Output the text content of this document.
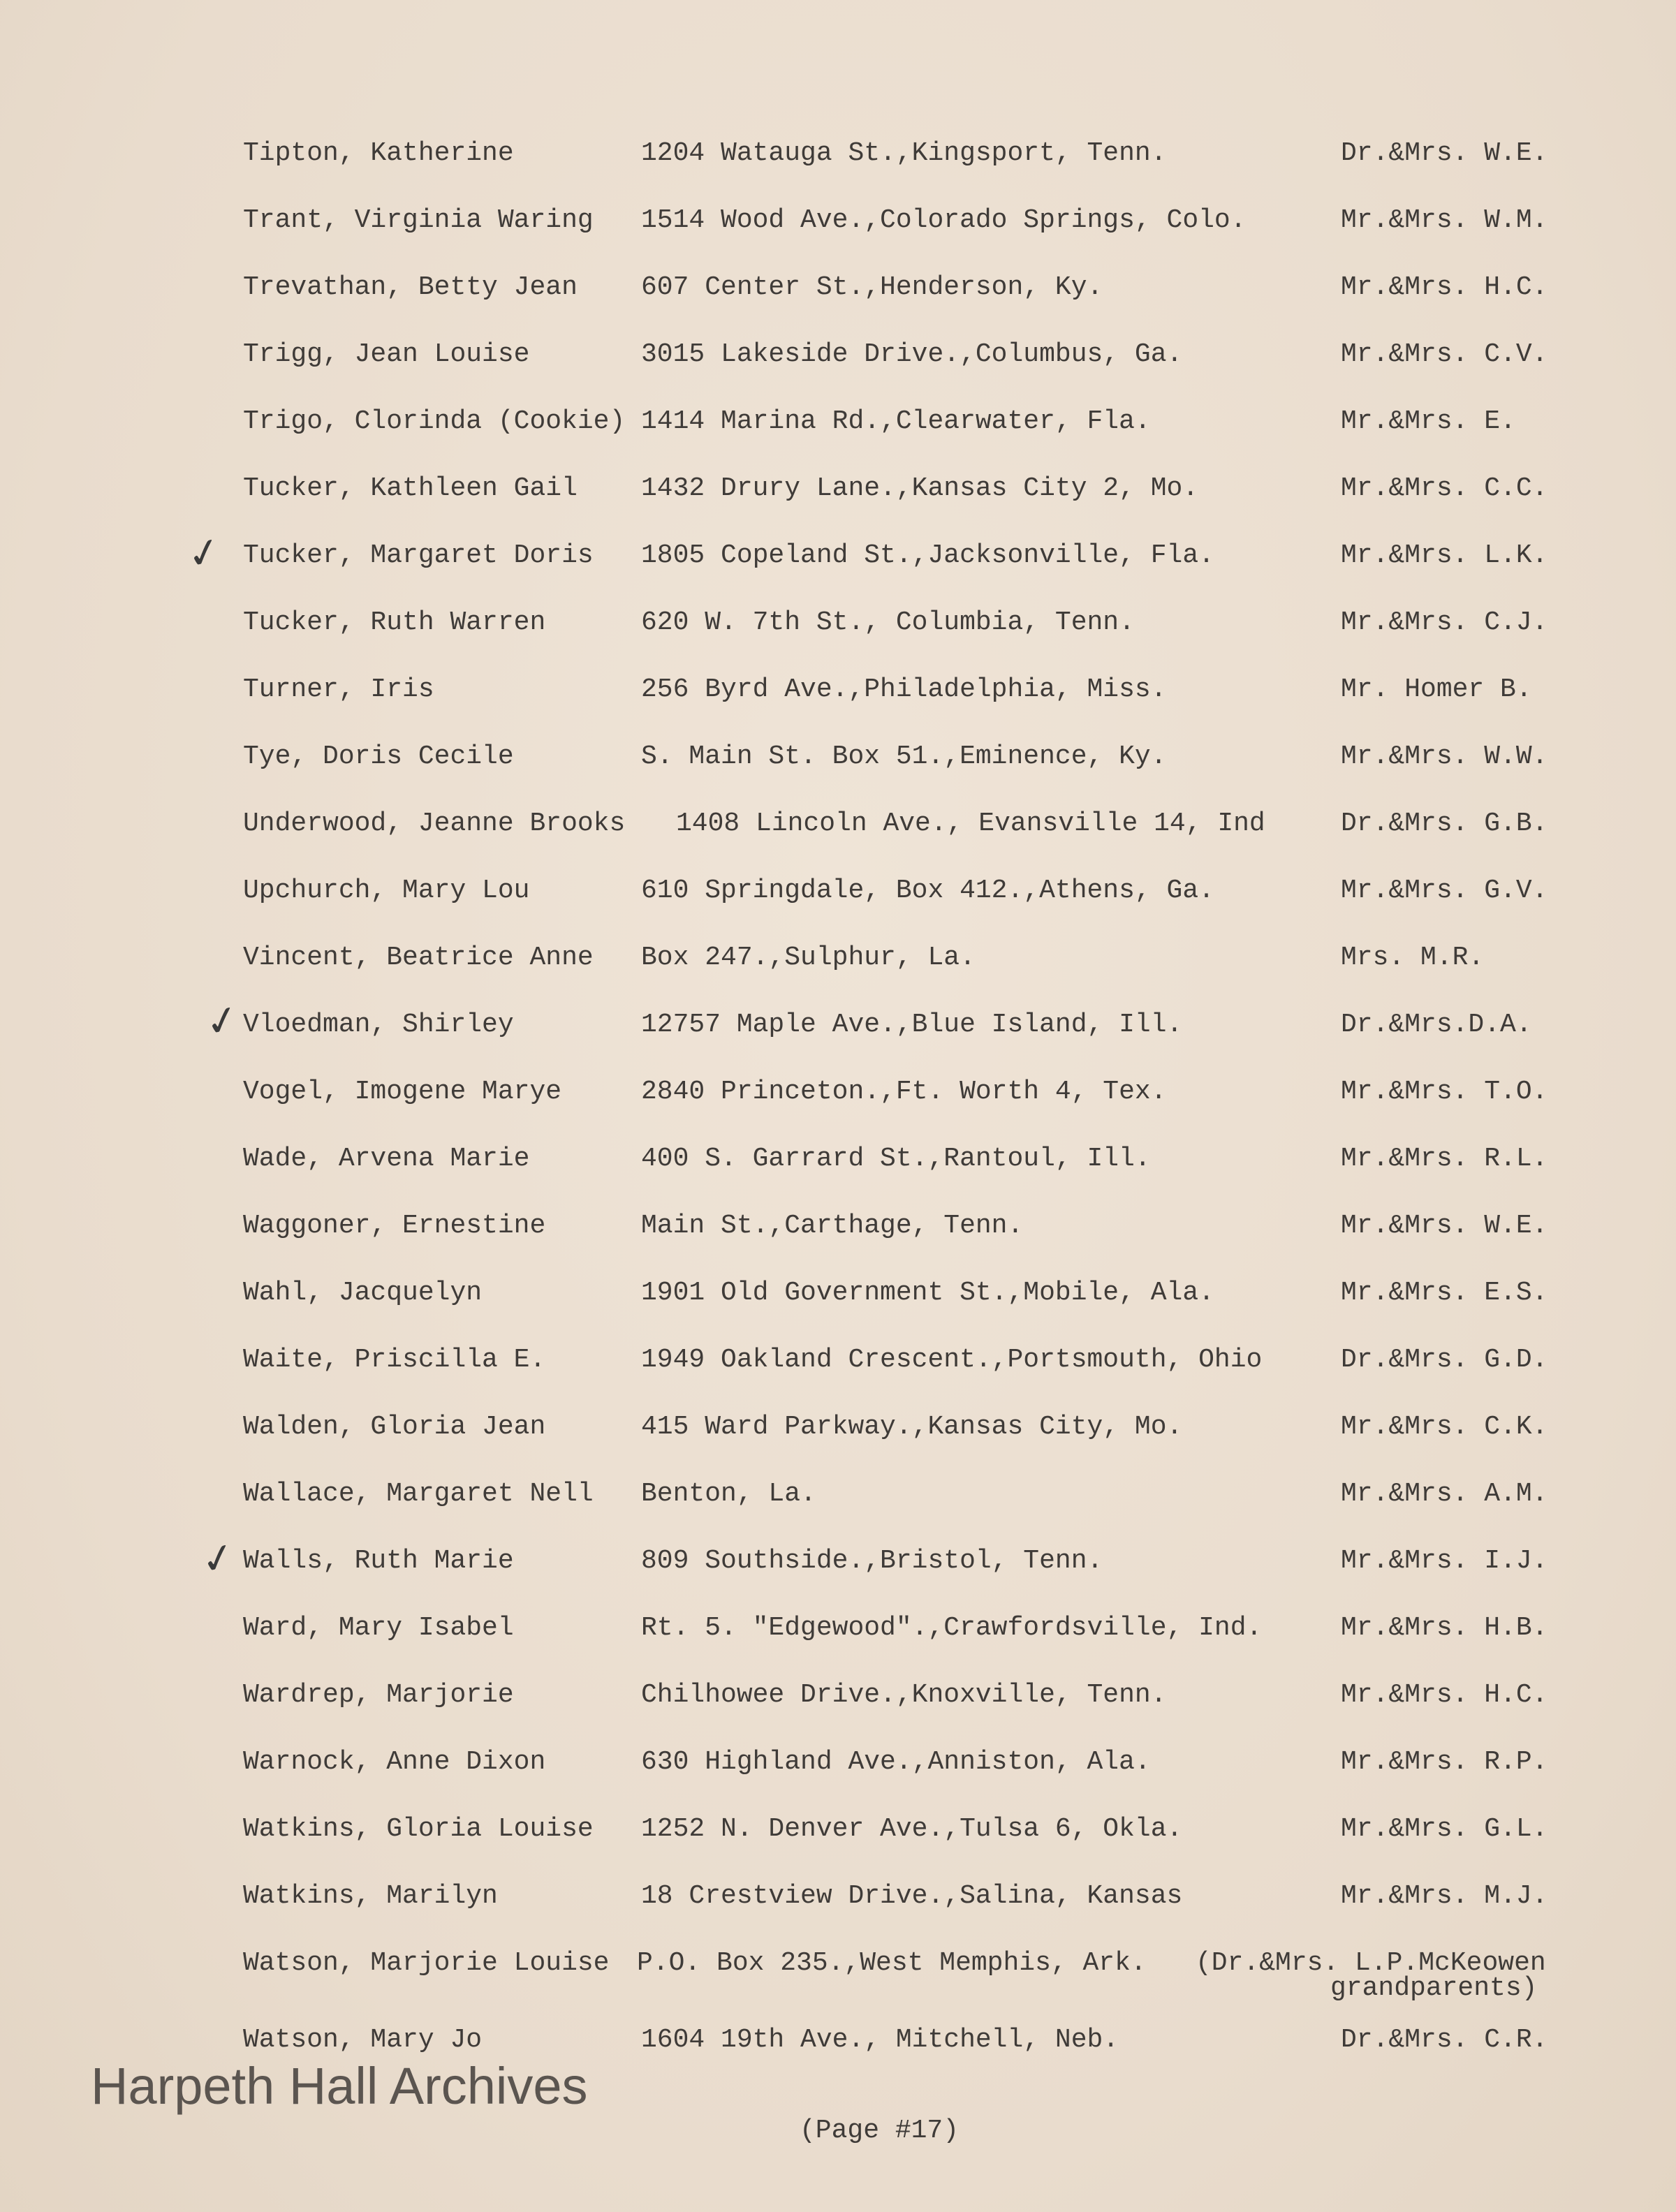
Tipton, Katherine	1204 Watauga St.,Kingsport, Tenn.	Dr.&Mrs. W.E.
Trant, Virginia Waring 1514 Wood Ave.,Colorado Springs, Colo.	Mr.&Mrs. W.M.
Trevathan, Betty Jean 607 Center St.,Henderson, Ky.	Mr.&Mrs. H.C.
Trigg, Jean Louise	3015 Lakeside Drive.,Columbus, Ga.	Mr.&Mrs. C.V.
Trigo, Clorinda (Cookie) 1414 Marina Rd.,Clearwater, Fla.	Mr.&Mrs. E.
Tucker, Kathleen Gail 1432 Drury Lane.,Kansas City 2, Mo.	Mr.&Mrs. C.C.
Tucker, Margaret Doris 1805 Copeland St.,Jacksonville, Fla.	Mr.&Mrs. L.K.
Tucker, Ruth Warren	620 W. 7th St., Columbia, Tenn.	Mr.&Mrs. C.J.
Turner, Iris	256 Byrd Ave.,Philadelphia, Miss.	Mr. Homer B.
Tye, Doris Cecile	S. Main St. Box 51.,Eminence, Ky.	Mr.&Mrs. W.W.
Underwood, Jeanne Brooks 1408 Lincoln Ave., Evansville 14, Ind	Dr.&Mrs. G.B.
Upchurch, Mary Lou	610 Springdale, Box 412.,Athens, Ga.	Mr.&Mrs. G.V.
Vincent, Beatrice Anne Box 247.,Sulphur, La.	Mrs. M.R.
Vloedman, Shirley	12757 Maple Ave.,Blue Island, Ill.	Dr.&Mrs.D.A.
Vogel, Imogene Marye	2840 Princeton.,Ft. Worth 4, Tex.	Mr.&Mrs. T.O.
Wade, Arvena Marie	400 S. Garrard St.,Rantoul, Ill.	Mr.&Mrs. R.L.
Waggoner, Ernestine	Main St.,Carthage, Tenn.	Mr.&Mrs. W.E.
Wahl, Jacquelyn	1901 Old Government St.,Mobile, Ala.	Mr.&Mrs. E.S.
Waite, Priscilla E.	1949 Oakland Crescent.,Portsmouth, Ohio	Dr.&Mrs. G.D.
Walden, Gloria Jean	415 Ward Parkway.,Kansas City, Mo.	Mr.&Mrs. C.K.
Wallace, Margaret Nell Benton, La.	Mr.&Mrs. A.M.
Walls, Ruth Marie	809 Southside.,Bristol, Tenn.	Mr.&Mrs. I.J.
Ward, Mary Isabel	Rt. 5. "Edgewood".,Crawfordsville, Ind.	Mr.&Mrs. H.B.
Wardrep, Marjorie	Chilhowee Drive.,Knoxville, Tenn.	Mr.&Mrs. H.C.
Warnock, Anne Dixon	630 Highland Ave.,Anniston, Ala.	Mr.&Mrs. R.P.
Watkins, Gloria Louise 1252 N. Denver Ave.,Tulsa 6, Okla.	Mr.&Mrs. G.L.
Watkins, Marilyn	18 Crestview Drive.,Salina, Kansas	Mr.&Mrs. M.J.
Watson, Marjorie Louise P.O. Box 235.,West Memphis, Ark. (Dr.&Mrs. L.P.McKeowen
grandparents)
Watson, Mary Jo	1604 19th Ave., Mitchell, Neb.	Dr.&Mrs. C.R.
✓
✓
✓
Harpeth Hall Archives
(Page #17)
